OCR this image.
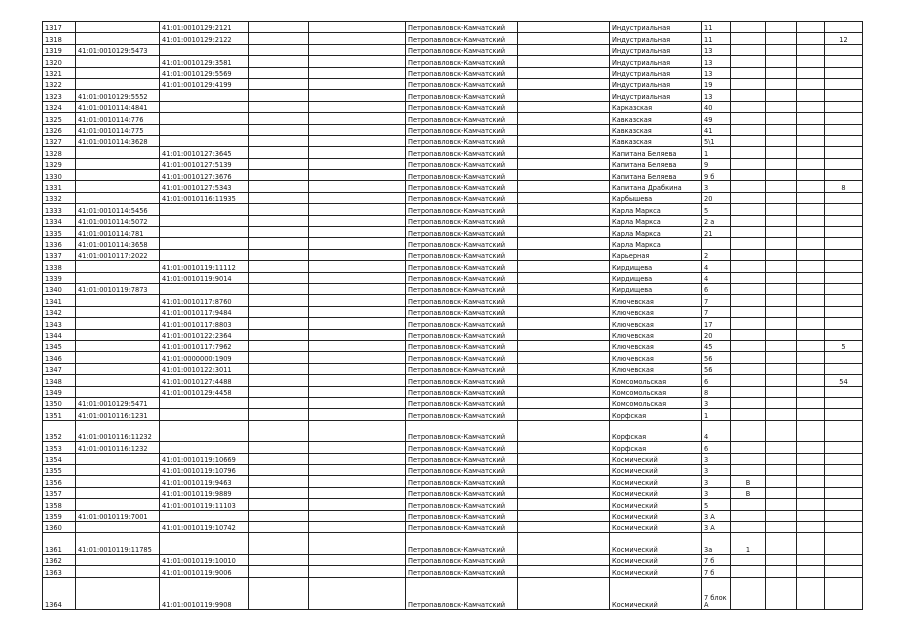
1317		41:01:0010129:2121			Петропавловск-Камчатский		Индустриальная	11				
1318		41:01:0010129:2122			Петропавловск-Камчатский		Индустриальная	11				12
1319	41:01:0010129:5473				Петропавловск-Камчатский		Индустриальная	13				
1320		41:01:0010129:3581			Петропавловск-Камчатский		Индустриальная	13				
1321		41:01:0010129:5569			Петропавловск-Камчатский		Индустриальная	13				
1322		41:01:0010129:4199			Петропавловск-Камчатский		Индустриальная	19				
1323	41:01:0010129:5552				Петропавловск-Камчатский		Индустриальная	13				
1324	41:01:0010114:4841				Петропавловск-Камчатский		Карказская	40				
1325	41:01:0010114:776				Петропавловск-Камчатский		Кавказская	49				
1326	41:01:0010114:775				Петропавловск-Камчатский		Кавказская	41				
1327	41:01:0010114:3628				Петропавловск-Камчатский		Кавказская	5\1				
1328		41:01:0010127:3645			Петропавловск-Камчатский		Капитана Беляева	1				
1329		41:01:0010127:5139			Петропавловск-Камчатский		Капитана Беляева	9				
1330		41:01:0010127:3676			Петропавловск-Камчатский		Капитана Беляева	9 б				
1331		41:01:0010127:5343			Петропавловск-Камчатский		Капитана Драбкина	3				8
1332		41:01:0010116:11935			Петропавловск-Камчатский		Карбышева	20				
1333	41:01:0010114:5456				Петропавловск-Камчатский		Карла Маркса	5				
1334	41:01:0010114:5072				Петропавловск-Камчатский		Карла Маркса	2 а				
1335	41:01:0010114:781				Петропавловск-Камчатский		Карла Маркса	21				
1336	41:01:0010114:3658				Петропавловск-Камчатский		Карла Маркса					
1337	41:01:0010117:2022				Петропавловск-Камчатский		Карьерная	2				
1338		41:01:0010119:11112			Петропавловск-Камчатский		Кирдищева	4				
1339		41:01:0010119:9014			Петропавловск-Камчатский		Кирдищева	4				
1340	41:01:0010119:7873				Петропавловск-Камчатский		Кирдищева	6				
1341		41:01:0010117:8760			Петропавловск-Камчатский		Ключевская	7				
1342		41:01:0010117:9484			Петропавловск-Камчатский		Ключевская	7				
1343		41:01:0010117:8803			Петропавловск-Камчатский		Ключевская	17				
1344		41:01:0010122:2364			Петропавловск-Камчатский		Ключевская	20				
1345		41:01:0010117:7962			Петропавловск-Камчатский		Ключевская	45				5
1346		41:01:0000000:1909			Петропавловск-Камчатский		Ключевская	56				
1347		41:01:0010122:3011			Петропавловск-Камчатский		Ключевская	56				
1348		41:01:0010127:4488			Петропавловск-Камчатский		Комсомольская	6				54
1349		41:01:0010129:4458			Петропавловск-Камчатский		Комсомольская	8				
1350	41:01:0010129:5471				Петропавловск-Камчатский		Комсомольская	3				
1351	41:01:0010116:1231				Петропавловск-Камчатский		Корфская	1				
1352	41:01:0010116:11232				Петропавловск-Камчатский		Корфская	4				
1353	41:01:0010116:1232				Петропавловск-Камчатский		Корфская	6				
1354		41:01:0010119:10669			Петропавловск-Камчатский		Космический	3				
1355		41:01:0010119:10796			Петропавловск-Камчатский		Космический	3				
1356		41:01:0010119:9463			Петропавловск-Камчатский		Космический	3	В			
1357		41:01:0010119:9889			Петропавловск-Камчатский		Космический	3	В			
1358		41:01:0010119:11103			Петропавловск-Камчатский		Космический	5				
1359	41:01:0010119:7001				Петропавловск-Камчатский		Космический	3 А				
1360		41:01:0010119:10742			Петропавловск-Камчатский		Космический	3 А				
1361	41:01:0010119:11785				Петропавловск-Камчатский		Космический	3а	1			
1362		41:01:0010119:10010			Петропавловск-Камчатский		Космический	7 б				
1363		41:01:0010119:9006			Петропавловск-Камчатский		Космический	7 б				
1364		41:01:0010119:9908			Петропавловск-Камчатский		Космический	7 блок А				
